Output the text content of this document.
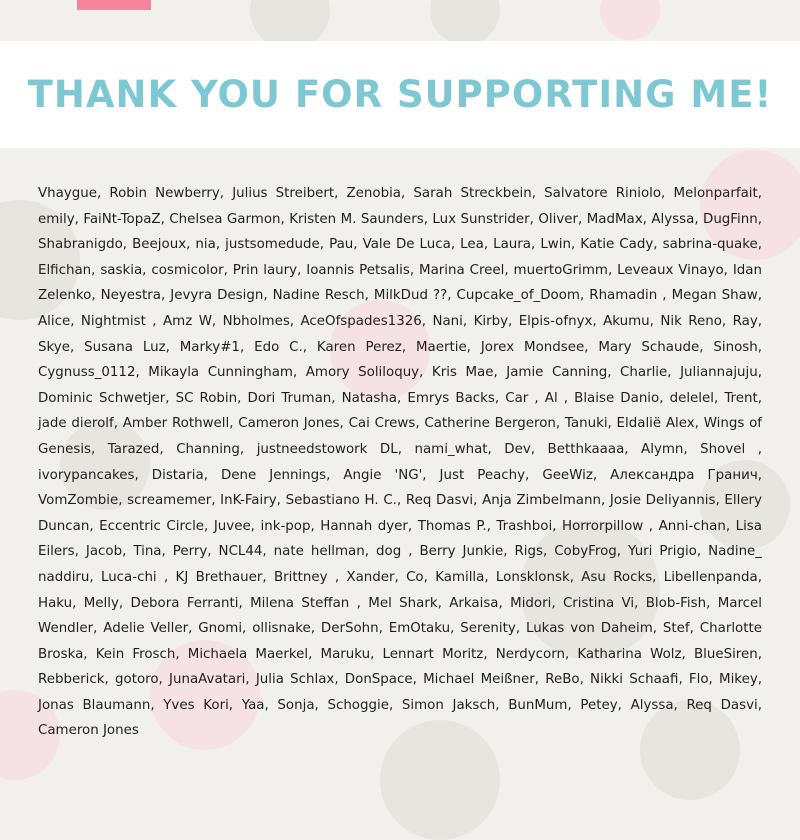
THANK YOU FOR SUPPORTING ME!

Vhaygue, Robin Newberry, Julius Streibert, Zenobia, Sarah Streckbein, Salvatore Riniolo, Melonparfait, emily, FaiNt-TopaZ, Chelsea Garmon, Kristen M. Saunders, Lux Sunstrider, Oliver, MadMax, Alyssa, DugFinn, Shabranigdo, Beejoux, nia, justsomedude, Pau, Vale De Luca, Lea, Laura, Lwin, Katie Cady, sabrina-quake, Elfichan, saskia, cosmicolor, Prin laury, Ioannis Petsalis, Marina Creel, muertoGrimm, Leveaux Vinayo, Idan Zelenko, Neyestra, Jevyra Design, Nadine Resch, MilkDud ??, Cupcake_of_Doom, Rhamadin , Megan Shaw, Alice, Nightmist , Amz W, Nbholmes, AceOfspades1326, Nani, Kirby, Elpis-ofnyx, Akumu, Nik Reno, Ray, Skye, Susana Luz, Marky#1, Edo C., Karen Perez, Maertie, Jorex Mondsee, Mary Schaude, Sinosh, Cygnuss_0112, Mikayla Cunningham, Amory Soliloquy, Kris Mae, Jamie Canning, Charlie, Juliannajuju, Dominic Schwetjer, SC Robin, Dori Truman, Natasha, Emrys Backs, Car , Al , Blaise Danio, delelel, Trent, jade dierolf, Amber Rothwell, Cameron Jones, Cai Crews, Catherine Bergeron, Tanuki, Eldalië Alex, Wings of Genesis, Tarazed, Channing, justneedstowork DL, nami_what, Dev, Betthkaaaa, Alymn, Shovel , ivorypancakes, Distaria, Dene Jennings, Angie 'NG', Just Peachy, GeeWiz, Александра Гранич, VomZombie, screamemer, InK-Fairy, Sebastiano H. C., Req Dasvi, Anja Zimbelmann, Josie Deliyannis, Ellery Duncan, Eccentric Circle, Juvee, ink-pop, Hannah dyer, Thomas P., Trashboi, Horrorpillow , Anni-chan, Lisa Eilers, Jacob, Tina, Perry, NCL44, nate hellman, dog , Berry Junkie, Rigs, CobyFrog, Yuri Prigio, Nadine_ naddiru, Luca-chi , KJ Brethauer, Brittney , Xander, Co, Kamilla, Lonsklonsk, Asu Rocks, Libellenpanda, Haku, Melly, Debora Ferranti, Milena Steffan , Mel Shark, Arkaisa, Midori, Cristina Vi, Blob-Fish, Marcel Wendler, Adelie Veller, Gnomi, ollisnake, DerSohn, EmOtaku, Serenity, Lukas von Daheim, Stef, Charlotte Broska, Kein Frosch, Michaela Maerkel, Maruku, Lennart Moritz, Nerdycorn, Katharina Wolz, BlueSiren, Rebberick, gotoro, JunaAvatari, Julia Schlax, DonSpace, Michael Meißner, ReBo, Nikki Schaafi, Flo, Mikey, Jonas Blaumann, Yves Kori, Yaa, Sonja, Schoggie, Simon Jaksch, BunMum, Petey, Alyssa, Req Dasvi, Cameron Jones
